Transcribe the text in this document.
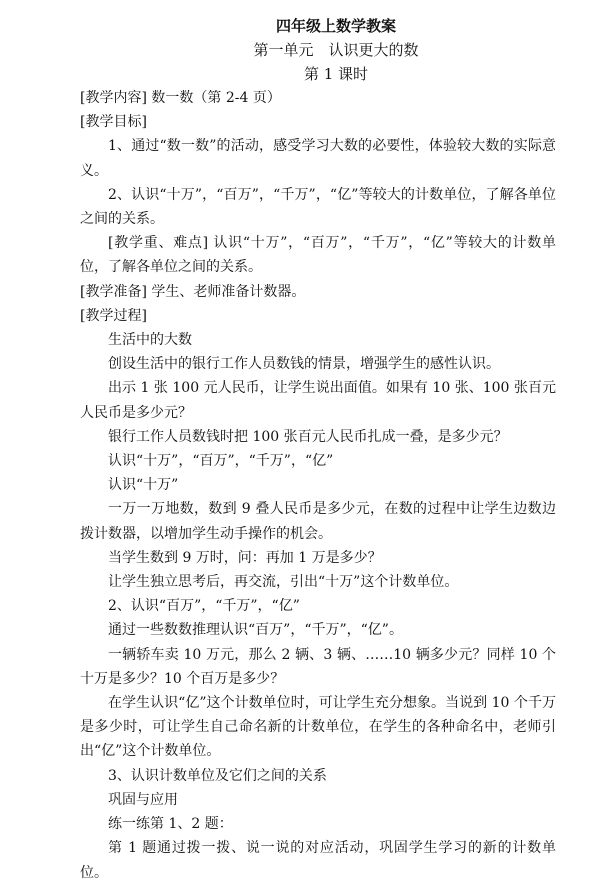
四年级上数学教案
第一单元　认识更大的数
第 1 课时

[教学内容] 数一数（第 2-4 页）

[教学目标]

1、通过“数一数”的活动，感受学习大数的必要性，体验较大数的实际意义。

2、认识“十万”，“百万”，“千万”，“亿”等较大的计数单位，了解各单位之间的关系。

[教学重、难点] 认识“十万”，“百万”，“千万”，“亿”等较大的计数单位，了解各单位之间的关系。

[教学准备] 学生、老师准备计数器。

[教学过程]

生活中的大数

创设生活中的银行工作人员数钱的情景，增强学生的感性认识。

出示 1 张 100 元人民币，让学生说出面值。如果有 10 张、100 张百元人民币是多少元？

银行工作人员数钱时把 100 张百元人民币扎成一叠，是多少元？

认识“十万”，“百万”，“千万”，“亿”

认识“十万”

一万一万地数，数到 9 叠人民币是多少元，在数的过程中让学生边数边拨计数器，以增加学生动手操作的机会。

当学生数到 9 万时，问：再加 1 万是多少？

让学生独立思考后，再交流，引出“十万”这个计数单位。

2、认识“百万”，“千万”，“亿”

通过一些数数推理认识“百万”，“千万”，“亿”。

一辆轿车卖 10 万元，那么 2 辆、3 辆、……10 辆多少元？同样 10 个十万是多少？10 个百万是多少？

在学生认识“亿”这个计数单位时，可让学生充分想象。当说到 10 个千万是多少时，可让学生自己命名新的计数单位，在学生的各种命名中，老师引出“亿”这个计数单位。

3、认识计数单位及它们之间的关系

巩固与应用

练一练第 1、2 题：

第 1 题通过拨一拨、说一说的对应活动，巩固学生学习的新的计数单位。
